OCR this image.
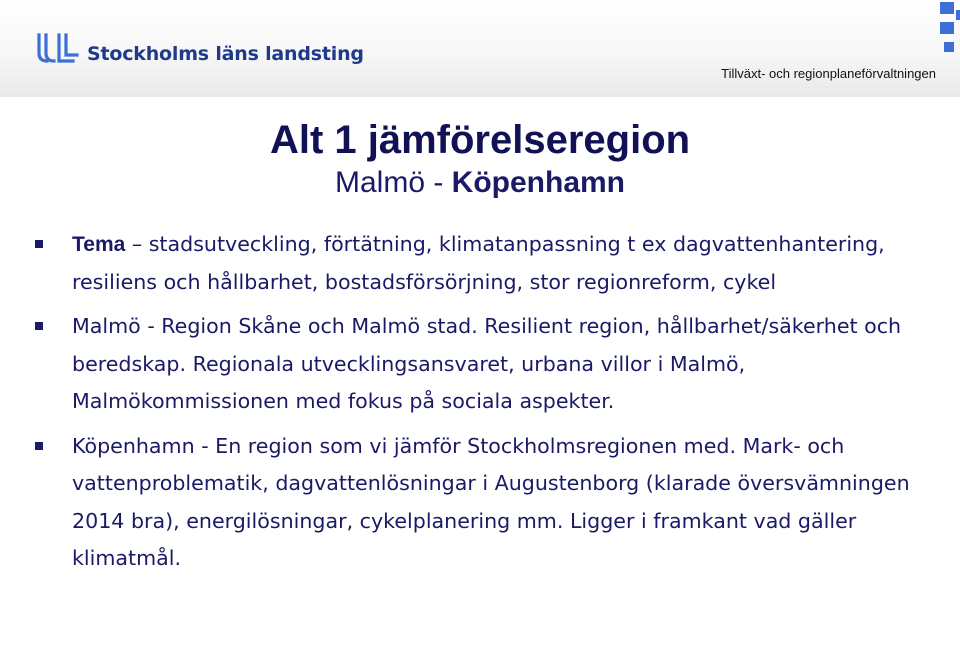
Stockholms läns landsting
Tillväxt- och regionplaneförvaltningen
Alt 1 jämförelseregion
Malmö - Köpenhamn
Tema – stadsutveckling, förtätning, klimatanpassning t ex dagvattenhantering, resiliens och hållbarhet, bostadsförsörjning, stor regionreform, cykel
Malmö - Region Skåne och Malmö stad. Resilient region, hållbarhet/säkerhet och beredskap. Regionala utvecklingsansvaret, urbana villor i Malmö, Malmökommissionen med fokus på sociala aspekter.
Köpenhamn - En region som vi jämför Stockholmsregionen med. Mark- och vattenproblematik, dagvattenlösningar i Augustenborg (klarade översvämningen 2014 bra), energilösningar, cykelplanering mm. Ligger i framkant vad gäller klimatmål.
